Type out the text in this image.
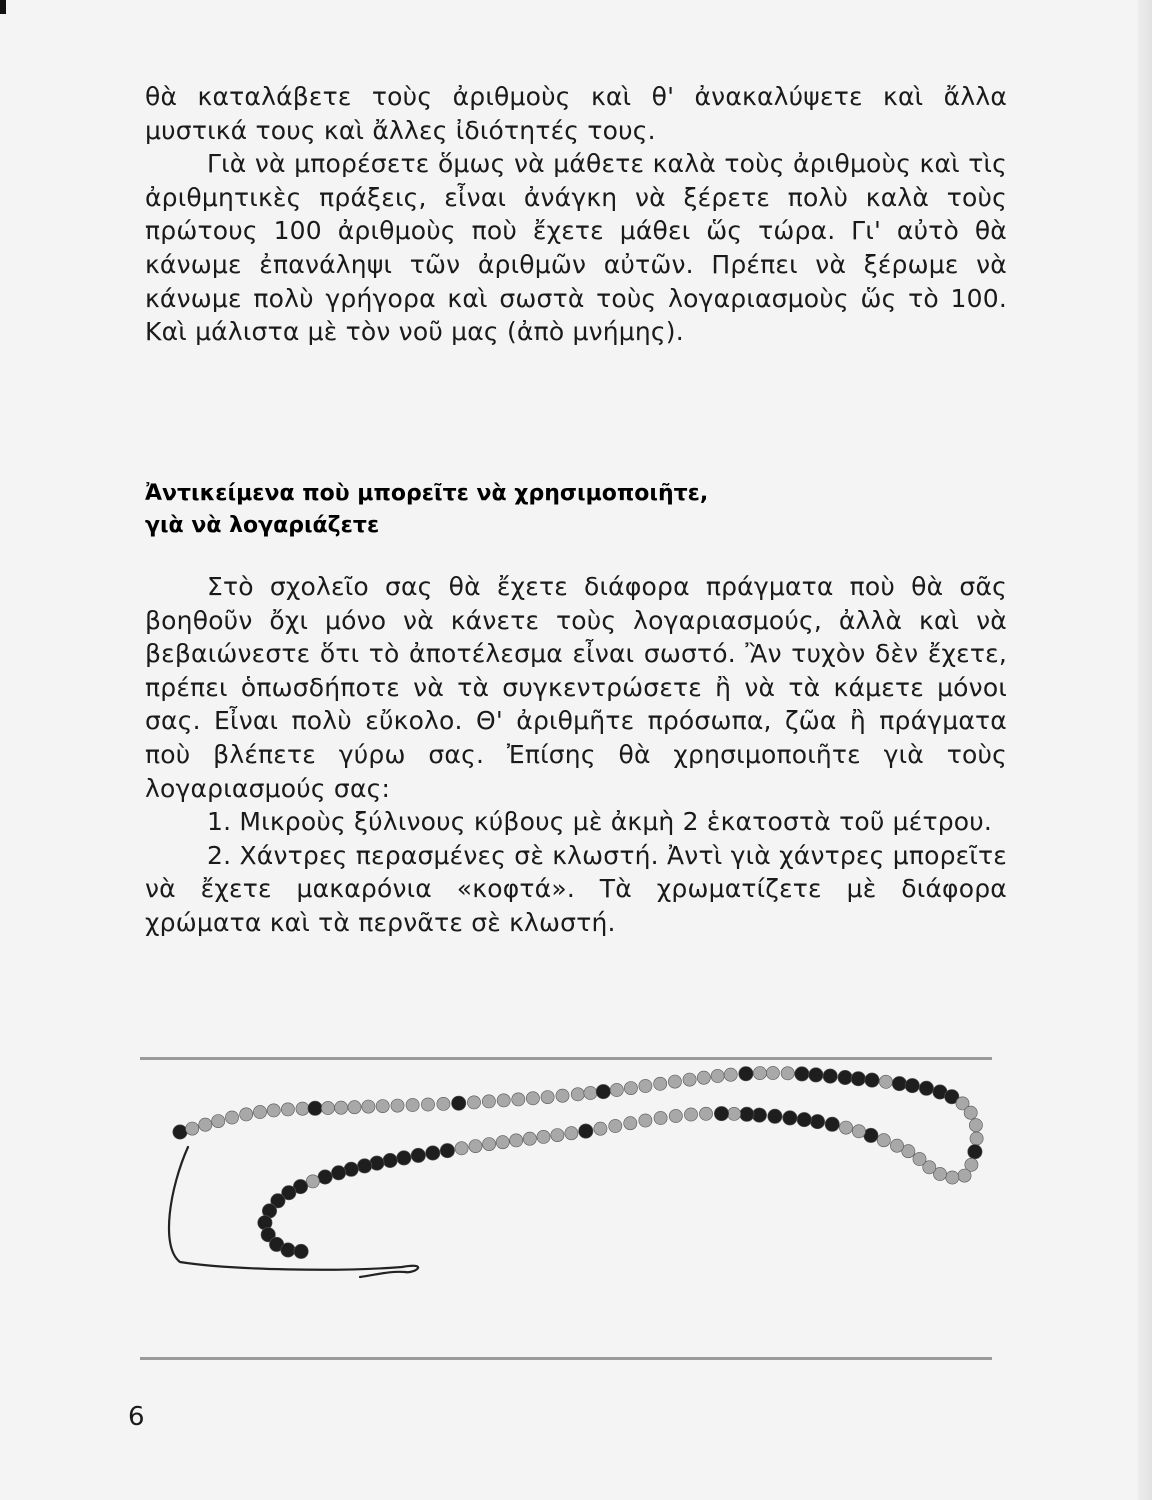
θὰ καταλάβετε τοὺς ἀριθμοὺς καὶ θ' ἀνακαλύψετε καὶ ἄλλα μυστικά τους καὶ ἄλλες ἰδιότητές τους.

Γιὰ νὰ μπορέσετε ὅμως νὰ μάθετε καλὰ τοὺς ἀριθμοὺς καὶ τὶς ἀριθμητικὲς πράξεις, εἶναι ἀνάγκη νὰ ξέρετε πολὺ καλὰ τοὺς πρώτους 100 ἀριθμοὺς ποὺ ἔχετε μάθει ὥς τώρα. Γι' αὐτὸ θὰ κάνωμε ἐπανάληψι τῶν ἀριθμῶν αὐτῶν. Πρέπει νὰ ξέρωμε νὰ κάνωμε πολὺ γρήγορα καὶ σωστὰ τοὺς λογαριασμοὺς ὥς τὸ 100. Καὶ μάλιστα μὲ τὸν νοῦ μας (ἀπὸ μνήμης).

Ἀντικείμενα ποὺ μπορεῖτε νὰ χρησιμοποιῆτε,
γιὰ νὰ λογαριάζετε

Στὸ σχολεῖο σας θὰ ἔχετε διάφορα πράγματα ποὺ θὰ σᾶς βοηθοῦν ὄχι μόνο νὰ κάνετε τοὺς λογαριασμούς, ἀλλὰ καὶ νὰ βεβαιώνεστε ὅτι τὸ ἀποτέλεσμα εἶναι σωστό. Ἂν τυχὸν δὲν ἔχετε, πρέπει ὁπωσδήποτε νὰ τὰ συγκεντρώσετε ἢ νὰ τὰ κάμετε μόνοι σας. Εἶναι πολὺ εὔκολο. Θ' ἀριθμῆτε πρόσωπα, ζῶα ἢ πράγματα ποὺ βλέπετε γύρω σας. Ἐπίσης θὰ χρησιμοποιῆτε γιὰ τοὺς λογαριασμούς σας:

1. Μικροὺς ξύλινους κύβους μὲ ἀκμὴ 2 ἑκατοστὰ τοῦ μέτρου.

2. Χάντρες περασμένες σὲ κλωστή. Ἀντὶ γιὰ χάντρες μπορεῖτε νὰ ἔχετε μακαρόνια «κοφτά». Τὰ χρωματίζετε μὲ διάφορα χρώματα καὶ τὰ περνᾶτε σὲ κλωστή.

6
